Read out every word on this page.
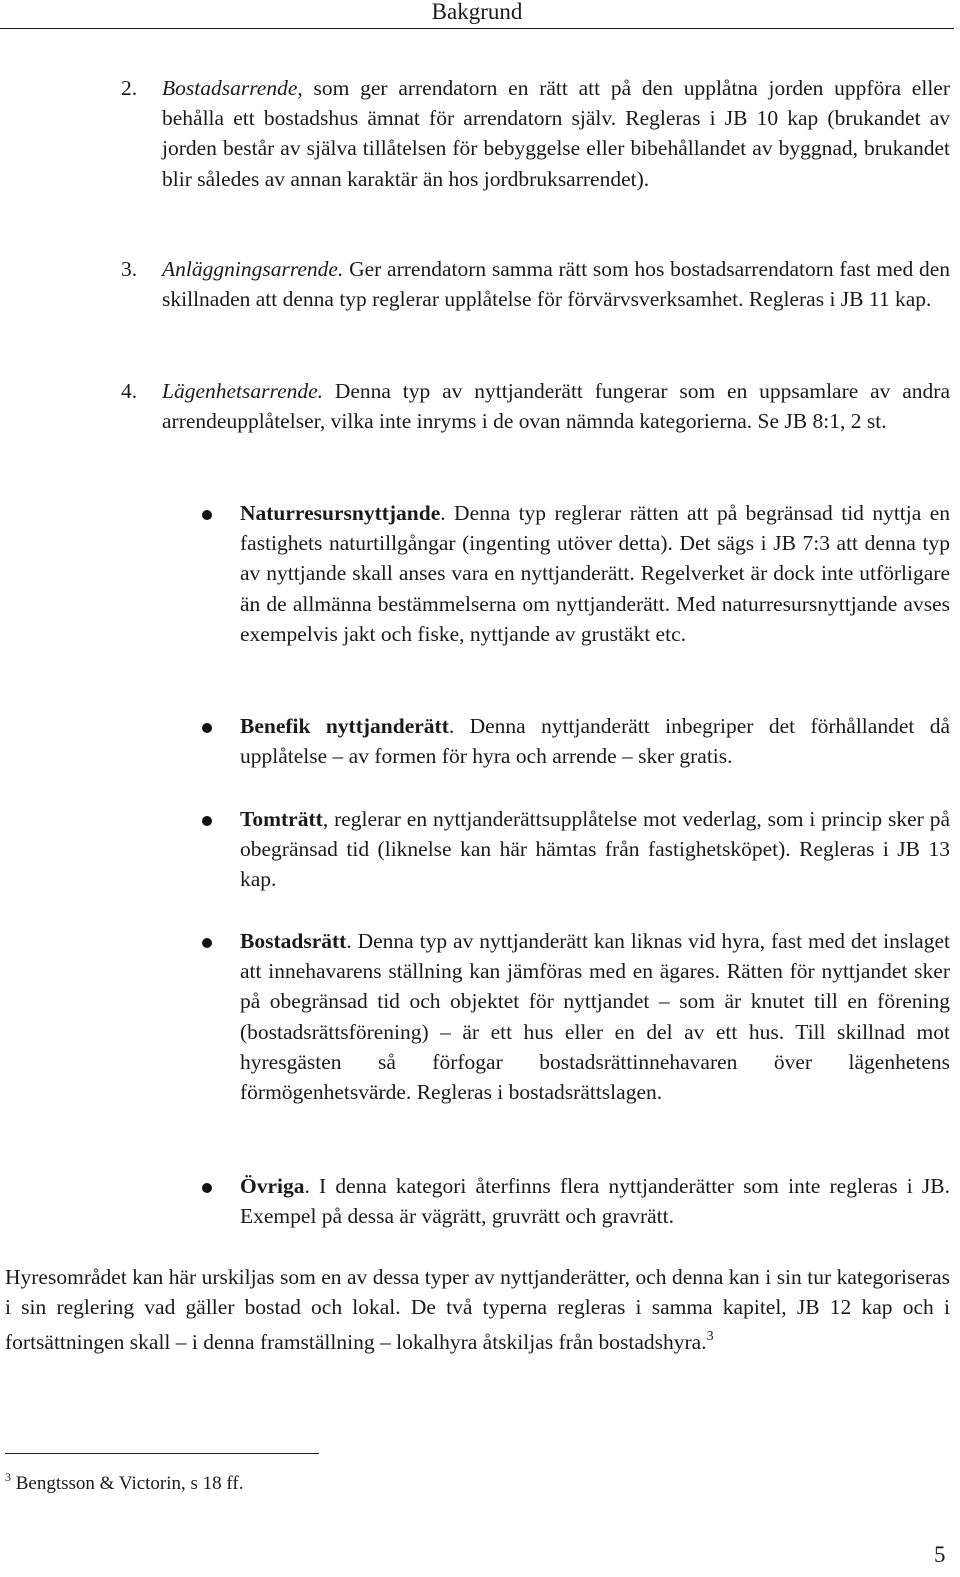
Bakgrund
2. Bostadsarrende, som ger arrendatorn en rätt att på den upplåtna jorden uppföra eller behålla ett bostadshus ämnat för arrendatorn själv. Regleras i JB 10 kap (brukandet av jorden består av själva tillåtelsen för bebyggelse eller bibehållandet av byggnad, brukandet blir således av annan karaktär än hos jordbruksarrendet).
3. Anläggningsarrende. Ger arrendatorn samma rätt som hos bostadsarrendatorn fast med den skillnaden att denna typ reglerar upplåtelse för förvärvsverksamhet. Regleras i JB 11 kap.
4. Lägenhetsarrende. Denna typ av nyttjanderätt fungerar som en uppsamlare av andra arrendeupplåtelser, vilka inte inryms i de ovan nämnda kategorierna. Se JB 8:1, 2 st.
Naturresursnyttjande. Denna typ reglerar rätten att på begränsad tid nyttja en fastighets naturtillgångar (ingenting utöver detta). Det sägs i JB 7:3 att denna typ av nyttjande skall anses vara en nyttjanderätt. Regelverket är dock inte utförligare än de allmänna bestämmelserna om nyttjanderätt. Med naturresursnyttjande avses exempelvis jakt och fiske, nyttjande av grustäkt etc.
Benefik nyttjanderätt. Denna nyttjanderätt inbegriper det förhållandet då upplåtelse – av formen för hyra och arrende – sker gratis.
Tomträtt, reglerar en nyttjanderättsupplåtelse mot vederlag, som i princip sker på obegränsad tid (liknelse kan här hämtas från fastighetsköpet). Regleras i JB 13 kap.
Bostadsrätt. Denna typ av nyttjanderätt kan liknas vid hyra, fast med det inslaget att innehavarens ställning kan jämföras med en ägares. Rätten för nyttjandet sker på obegränsad tid och objektet för nyttjandet – som är knutet till en förening (bostadsrättsförening) – är ett hus eller en del av ett hus. Till skillnad mot hyresgästen så förfogar bostadsrättinnehavaren över lägenhetens förmögenhetsvärde. Regleras i bostadsrättslagen.
Övriga. I denna kategori återfinns flera nyttjanderätter som inte regleras i JB. Exempel på dessa är vägrätt, gruvrätt och gravrätt.
Hyresområdet kan här urskiljas som en av dessa typer av nyttjanderätter, och denna kan i sin tur kategoriseras i sin reglering vad gäller bostad och lokal. De två typerna regleras i samma kapitel, JB 12 kap och i fortsättningen skall – i denna framställning – lokalhyra åtskiljas från bostadshyra.$^3$
$^3$ Bengtsson & Victorin, s 18 ff.
5
